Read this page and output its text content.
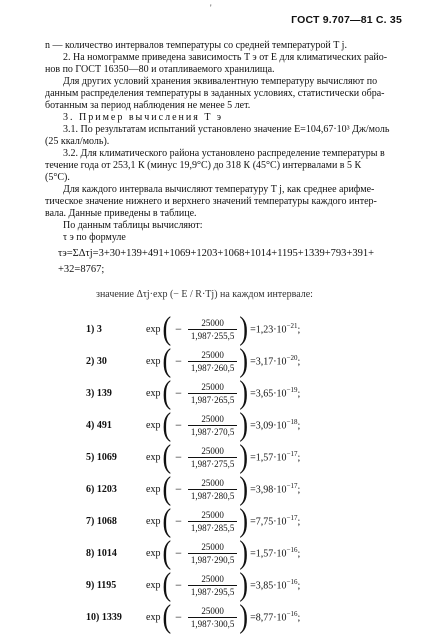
'
ГОСТ 9.707—81 С. 35
n — количество интервалов температуры со средней температурой T j.
2. На номограмме приведена зависимость T э от E для климатических райо-
нов по ГОСТ 16350—80 и отапливаемого хранилища.
Для других условий хранения эквивалентную температуру вычисляют по
данным распределения температуры в заданных условиях, статистически обра-
ботанным за период наблюдения не менее 5 лет.
3. Пример вычисления T э
3.1. По результатам испытаний установлено значение E=104,67·10³ Дж/моль
(25 ккал/моль).
3.2. Для климатического района установлено распределение температуры в
течение года от 253,1 К (минус 19,9°С) до 318 К (45°С) интервалами в 5 К
(5°С).
Для каждого интервала вычисляют температуру T j, как среднее арифме-
тическое значение нижнего и верхнего значений температуры каждого интер-
вала. Данные приведены в таблице.
По данным таблицы вычисляют:
τ э по формуле
τэ=ΣΔτj=3+30+139+491+1069+1203+1068+1014+1195+1339+793+391+
+32=8767;
значение Δτj·exp (− E / R·Tj) на каждом интервале:
1) 3	exp ( − $\frac{25000}{1,987\cdot 255,5}$ ) $=1,23\cdot 10^{-21}$;
2) 30	exp ( − $\frac{25000}{1,987\cdot 260,5}$ ) $=3,17\cdot 10^{-20}$;
3) 139	exp ( − $\frac{25000}{1,987\cdot 265,5}$ ) $=3,65\cdot 10^{-19}$;
4) 491	exp ( − $\frac{25000}{1,987\cdot 270,5}$ ) $=3,09\cdot 10^{-18}$;
5) 1069	exp ( − $\frac{25000}{1,987\cdot 275,5}$ ) $=1,57\cdot 10^{-17}$;
6) 1203	exp ( − $\frac{25000}{1,987\cdot 280,5}$ ) $=3,98\cdot 10^{-17}$;
7) 1068	exp ( − $\frac{25000}{1,987\cdot 285,5}$ ) $=7,75\cdot 10^{-17}$;
8) 1014	exp ( − $\frac{25000}{1,987\cdot 290,5}$ ) $=1,57\cdot 10^{-16}$;
9) 1195	exp ( − $\frac{25000}{1,987\cdot 295,5}$ ) $=3,85\cdot 10^{-16}$;
10) 1339	exp ( − $\frac{25000}{1,987\cdot 300,5}$ ) $=8,77\cdot 10^{-16}$;
